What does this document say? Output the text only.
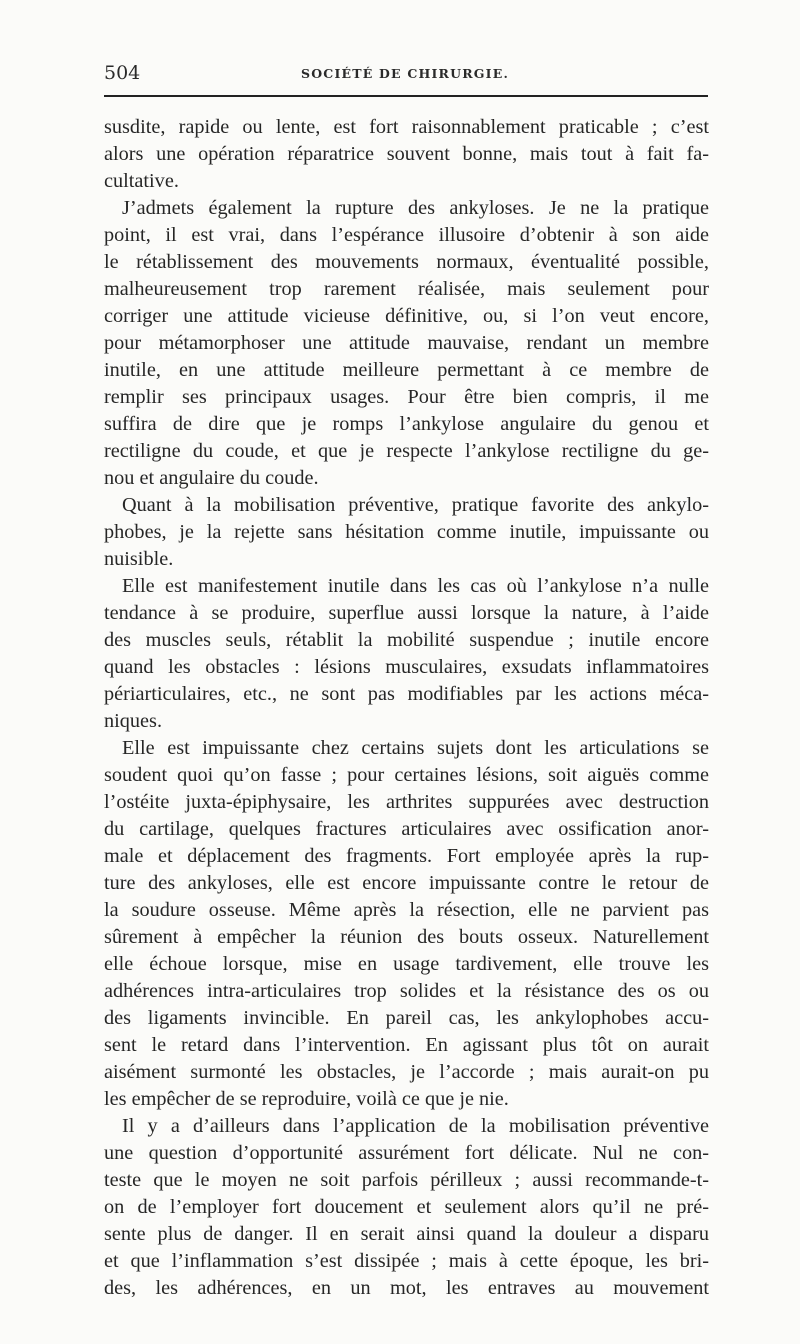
504	SOCIÉTÉ DE CHIRURGIE.
susdite, rapide ou lente, est fort raisonnablement praticable ; c’est
alors une opération réparatrice souvent bonne, mais tout à fait fa-
cultative.
J’admets également la rupture des ankyloses. Je ne la pratique
point, il est vrai, dans l’espérance illusoire d’obtenir à son aide
le rétablissement des mouvements normaux, éventualité possible,
malheureusement trop rarement réalisée, mais seulement pour
corriger une attitude vicieuse définitive, ou, si l’on veut encore,
pour métamorphoser une attitude mauvaise, rendant un membre
inutile, en une attitude meilleure permettant à ce membre de
remplir ses principaux usages. Pour être bien compris, il me
suffira de dire que je romps l’ankylose angulaire du genou et
rectiligne du coude, et que je respecte l’ankylose rectiligne du ge-
nou et angulaire du coude.
Quant à la mobilisation préventive, pratique favorite des ankylo-
phobes, je la rejette sans hésitation comme inutile, impuissante ou
nuisible.
Elle est manifestement inutile dans les cas où l’ankylose n’a nulle
tendance à se produire, superflue aussi lorsque la nature, à l’aide
des muscles seuls, rétablit la mobilité suspendue ; inutile encore
quand les obstacles : lésions musculaires, exsudats inflammatoires
périarticulaires, etc., ne sont pas modifiables par les actions méca-
niques.
Elle est impuissante chez certains sujets dont les articulations se
soudent quoi qu’on fasse ; pour certaines lésions, soit aiguës comme
l’ostéite juxta-épiphysaire, les arthrites suppurées avec destruction
du cartilage, quelques fractures articulaires avec ossification anor-
male et déplacement des fragments. Fort employée après la rup-
ture des ankyloses, elle est encore impuissante contre le retour de
la soudure osseuse. Même après la résection, elle ne parvient pas
sûrement à empêcher la réunion des bouts osseux. Naturellement
elle échoue lorsque, mise en usage tardivement, elle trouve les
adhérences intra-articulaires trop solides et la résistance des os ou
des ligaments invincible. En pareil cas, les ankylophobes accu-
sent le retard dans l’intervention. En agissant plus tôt on aurait
aisément surmonté les obstacles, je l’accorde ; mais aurait-on pu
les empêcher de se reproduire, voilà ce que je nie.
Il y a d’ailleurs dans l’application de la mobilisation préventive
une question d’opportunité assurément fort délicate. Nul ne con-
teste que le moyen ne soit parfois périlleux ; aussi recommande-t-
on de l’employer fort doucement et seulement alors qu’il ne pré-
sente plus de danger. Il en serait ainsi quand la douleur a disparu
et que l’inflammation s’est dissipée ; mais à cette époque, les bri-
des, les adhérences, en un mot, les entraves au mouvement
